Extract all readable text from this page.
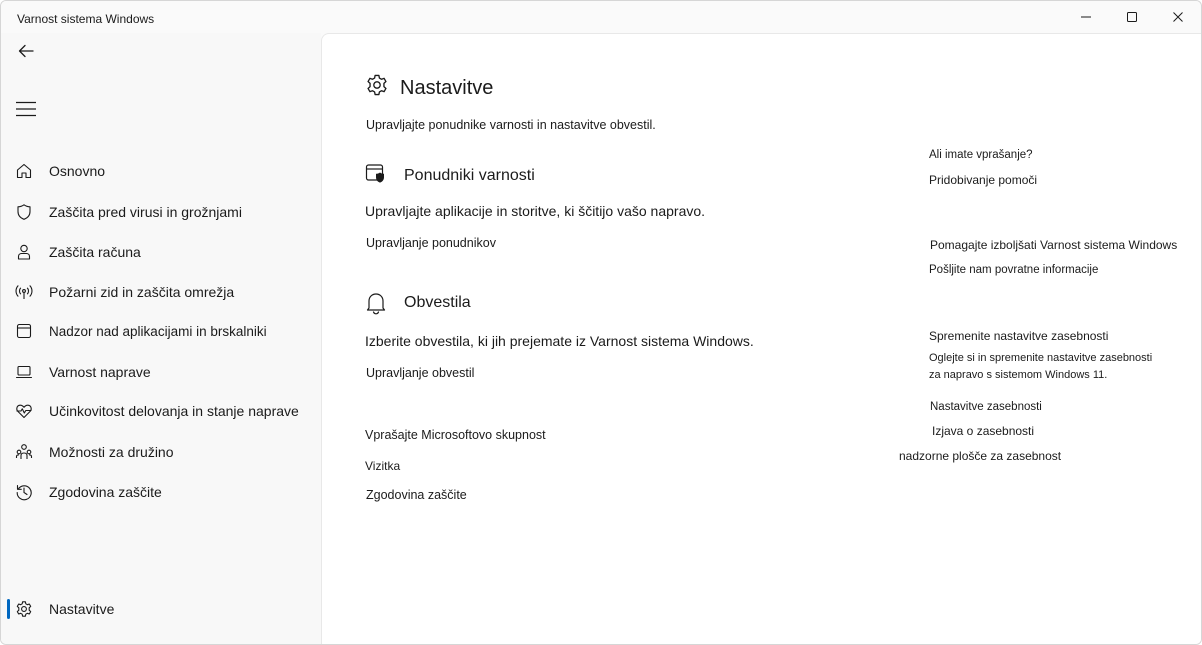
Varnost sistema Windows
Osnovno
Zaščita pred virusi in grožnjami
Zaščita računa
Požarni zid in zaščita omrežja
Nadzor nad aplikacijami in brskalniki
Varnost naprave
Učinkovitost delovanja in stanje naprave
Možnosti za družino
Zgodovina zaščite
Nastavitve
Nastavitve
Upravljajte ponudnike varnosti in nastavitve obvestil.
Ponudniki varnosti
Upravljajte aplikacije in storitve, ki ščitijo vašo napravo.
Upravljanje ponudnikov
Obvestila
Izberite obvestila, ki jih prejemate iz Varnost sistema Windows.
Upravljanje obvestil
Vprašajte Microsoftovo skupnost
Vizitka
Zgodovina zaščite
Ali imate vprašanje?
Pridobivanje pomoči
Pomagajte izboljšati Varnost sistema Windows
Pošljite nam povratne informacije
Spremenite nastavitve zasebnosti
Oglejte si in spremenite nastavitve zasebnosti
za napravo s sistemom Windows 11.
Nastavitve zasebnosti
Izjava o zasebnosti
nadzorne plošče za zasebnost
